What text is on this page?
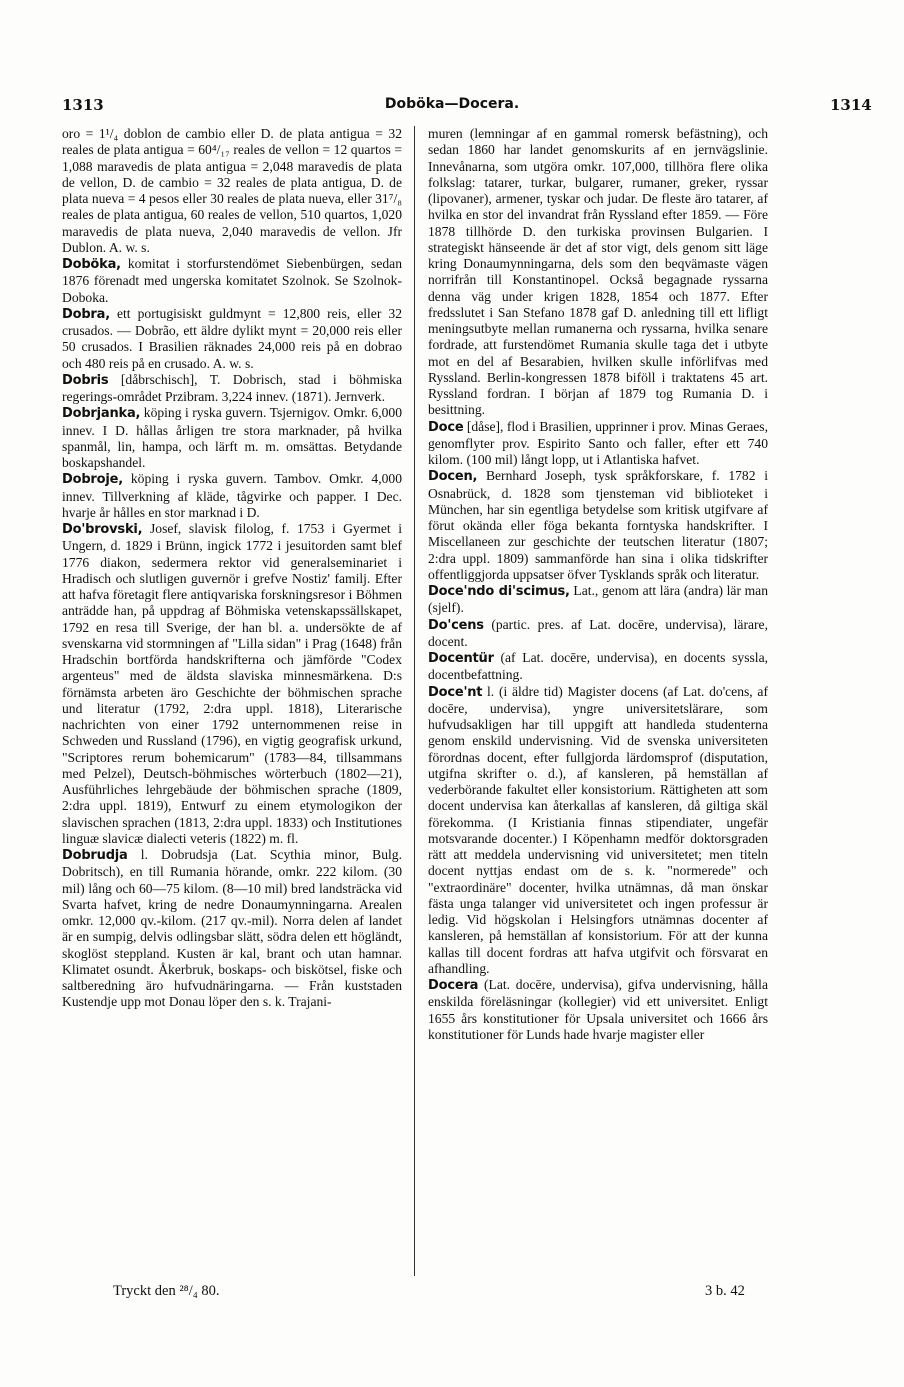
1313	Doböka—Docera.	1314

oro = 1¹/₄ doblon de cambio eller D. de plata antigua = 32 reales de plata antigua = 60⁴/₁₇ reales de vellon = 12 quartos = 1,088 maravedis de plata antigua = 2,048 maravedis de plata de vellon, D. de cambio = 32 reales de plata antigua, D. de plata nueva = 4 pesos eller 30 reales de plata nueva, eller 31⁷/₈ reales de plata antigua, 60 reales de vellon, 510 quartos, 1,020 maravedis de plata nueva, 2,040 maravedis de vellon. Jfr Dublon. A. w. s.

Doböka, komitat i storfurstendömet Siebenbürgen, sedan 1876 förenadt med ungerska komitatet Szolnok. Se Szolnok-Doboka.

Dobra, ett portugisiskt guldmynt = 12,800 reis, eller 32 crusados. — Dobrão, ett äldre dylikt mynt = 20,000 reis eller 50 crusados. I Brasilien räknades 24,000 reis på en dobrao och 480 reis på en crusado. A. w. s.

Dobris [dåbrschisch], T. Dobrisch, stad i böhmiska regerings-området Przibram. 3,224 innev. (1871). Jernverk.

Dobrjanka, köping i ryska guvern. Tsjernigov. Omkr. 6,000 innev. I D. hållas årligen tre stora marknader, på hvilka spanmål, lin, hampa, och lärft m. m. omsättas. Betydande boskapshandel.

Dobroje, köping i ryska guvern. Tambov. Omkr. 4,000 innev. Tillverkning af kläde, tågvirke och papper. I Dec. hvarje år hålles en stor marknad i D.

Do'brovski, Josef, slavisk filolog, f. 1753 i Gyermet i Ungern, d. 1829 i Brünn, ingick 1772 i jesuitorden samt blef 1776 diakon, sedermera rektor vid generalseminariet i Hradisch och slutligen guvernör i grefve Nostiz' familj. Efter att hafva företagit flere antiqvariska forskningsresor i Böhmen anträdde han, på uppdrag af Böhmiska vetenskapssällskapet, 1792 en resa till Sverige, der han bl. a. undersökte de af svenskarna vid stormningen af "Lilla sidan" i Prag (1648) från Hradschin bortförda handskrifterna och jämförde "Codex argenteus" med de äldsta slaviska minnesmärkena. D:s förnämsta arbeten äro Geschichte der böhmischen sprache und literatur (1792, 2:dra uppl. 1818), Literarische nachrichten von einer 1792 unternommenen reise in Schweden und Russland (1796), en vigtig geografisk urkund, "Scriptores rerum bohemicarum" (1783—84, tillsammans med Pelzel), Deutsch-böhmisches wörterbuch (1802—21), Ausführliches lehrgebäude der böhmischen sprache (1809, 2:dra uppl. 1819), Entwurf zu einem etymologikon der slavischen sprachen (1813, 2:dra uppl. 1833) och Institutiones linguæ slavicæ dialecti veteris (1822) m. fl.

Dobrudja l. Dobrudsja (Lat. Scythia minor, Bulg. Dobritsch), en till Rumania hörande, omkr. 222 kilom. (30 mil) lång och 60—75 kilom. (8—10 mil) bred landsträcka vid Svarta hafvet, kring de nedre Donaumynningarna. Arealen omkr. 12,000 qv.-kilom. (217 qv.-mil). Norra delen af landet är en sumpig, delvis odlingsbar slätt, södra delen ett högländt, skoglöst steppland. Kusten är kal, brant och utan hamnar. Klimatet osundt. Åkerbruk, boskaps- och biskötsel, fiske och saltberedning äro hufvudnäringarna. — Från kuststaden Kustendje upp mot Donau löper den s. k. Trajani-

muren (lemningar af en gammal romersk befästning), och sedan 1860 har landet genomskurits af en jernvägslinie. Innevånarna, som utgöra omkr. 107,000, tillhöra flere olika folkslag: tatarer, turkar, bulgarer, rumaner, greker, ryssar (lipovaner), armener, tyskar och judar. De fleste äro tatarer, af hvilka en stor del invandrat från Ryssland efter 1859. — Före 1878 tillhörde D. den turkiska provinsen Bulgarien. I strategiskt hänseende är det af stor vigt, dels genom sitt läge kring Donaumynningarna, dels som den beqvämaste vägen norrifrån till Konstantinopel. Också begagnade ryssarna denna väg under krigen 1828, 1854 och 1877. Efter fredsslutet i San Stefano 1878 gaf D. anledning till ett lifligt meningsutbyte mellan rumanerna och ryssarna, hvilka senare fordrade, att furstendömet Rumania skulle taga det i utbyte mot en del af Besarabien, hvilken skulle införlifvas med Ryssland. Berlin-kongressen 1878 biföll i traktatens 45 art. Ryssland fordran. I början af 1879 tog Rumania D. i besittning.

Doce [dåse], flod i Brasilien, upprinner i prov. Minas Geraes, genomflyter prov. Espirito Santo och faller, efter ett 740 kilom. (100 mil) långt lopp, ut i Atlantiska hafvet.

Docen, Bernhard Joseph, tysk språkforskare, f. 1782 i Osnabrück, d. 1828 som tjensteman vid biblioteket i München, har sin egentliga betydelse som kritisk utgifvare af förut okända eller föga bekanta forntyska handskrifter. I Miscellaneen zur geschichte der teutschen literatur (1807; 2:dra uppl. 1809) sammanförde han sina i olika tidskrifter offentliggjorda uppsatser öfver Tysklands språk och literatur.

Doce'ndo di'scimus, Lat., genom att lära (andra) lär man (sjelf).

Do'cens (partic. pres. af Lat. docēre, undervisa), lärare, docent.

Docentür (af Lat. docēre, undervisa), en docents syssla, docentbefattning.

Doce'nt l. (i äldre tid) Magister docens (af Lat. do'cens, af docēre, undervisa), yngre universitetslärare, som hufvudsakligen har till uppgift att handleda studenterna genom enskild undervisning. Vid de svenska universiteten förordnas docent, efter fullgjorda lärdomsprof (disputation, utgifna skrifter o. d.), af kansleren, på hemställan af vederbörande fakultet eller konsistorium. Rättigheten att som docent undervisa kan återkallas af kansleren, då giltiga skäl förekomma. (I Kristiania finnas stipendiater, ungefär motsvarande docenter.) I Köpenhamn medför doktorsgraden rätt att meddela undervisning vid universitetet; men titeln docent nyttjas endast om de s. k. "normerede" och "extraordinäre" docenter, hvilka utnämnas, då man önskar fästa unga talanger vid universitetet och ingen professur är ledig. Vid högskolan i Helsingfors utnämnas docenter af kansleren, på hemställan af konsistorium. För att der kunna kallas till docent fordras att hafva utgifvit och försvarat en afhandling.

Docera (Lat. docēre, undervisa), gifva undervisning, hålla enskilda föreläsningar (kollegier) vid ett universitet. Enligt 1655 års konstitutioner för Upsala universitet och 1666 års konstitutioner för Lunds hade hvarje magister eller

Tryckt den ²⁸/₄ 80.	3 b. 42
